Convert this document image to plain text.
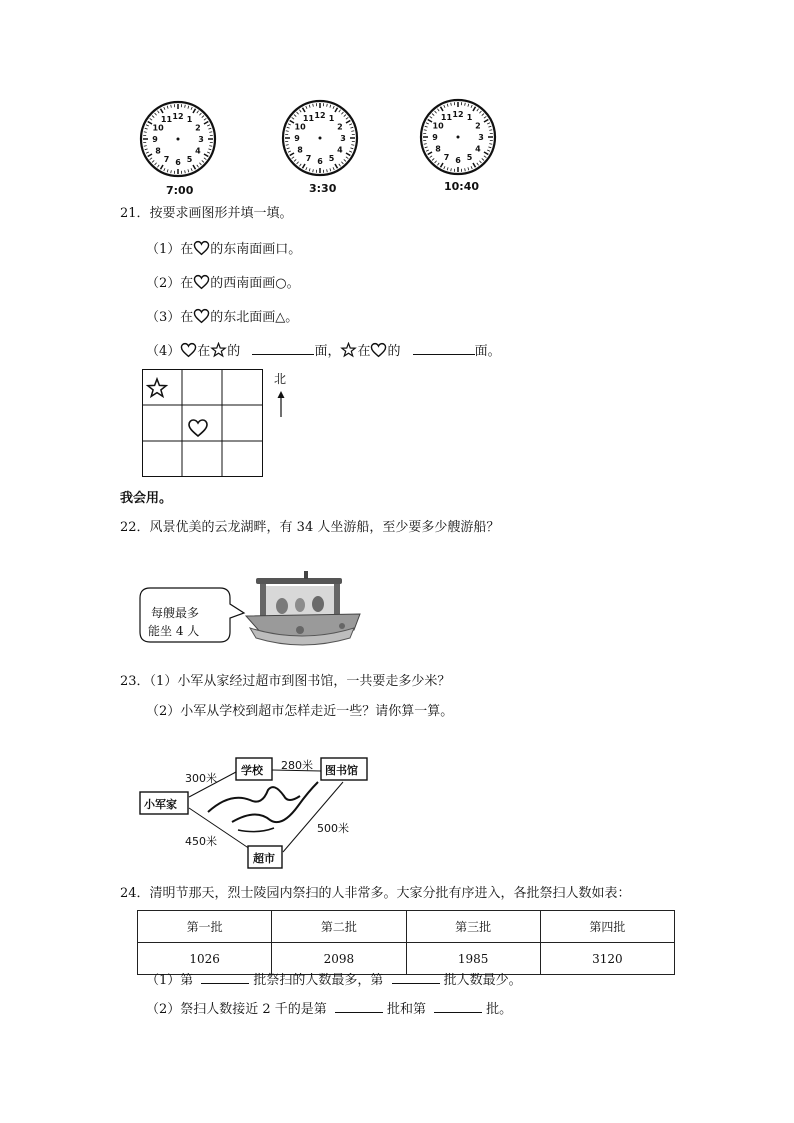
12 1
2
3
4
5
6
7
8
9
10
11	12 1
2
3
4
5
6
7
8
9
10
11	12 1
2
3
4
5
6
7
8
9
10
11
7:00	3:30	10:40
21．按要求画图形并填一填。
（1）在 的东南面画口。
（2）在 的西南面画○。
（3）在 的东北面画△。
（4） 在 的	面， 在 的	面。
北
我会用。
22．风景优美的云龙湖畔，有 34 人坐游船，至少要多少艘游船？
每艘最多
能坐 4 人
23．（1）小军从家经过超市到图书馆，一共要走多少米？
（2）小军从学校到超市怎样走近一些？请你算一算。
小军家
学校	图书馆
超市
300米
280米
500米
450米
24．清明节那天，烈士陵园内祭扫的人非常多。大家分批有序进入，各批祭扫人数如表：
第一批	第二批	第三批	第四批
1026	2098	1985	3120
（1）第	批祭扫的人数最多，第	批人数最少。
（2）祭扫人数接近 2 千的是第	批和第	批。
